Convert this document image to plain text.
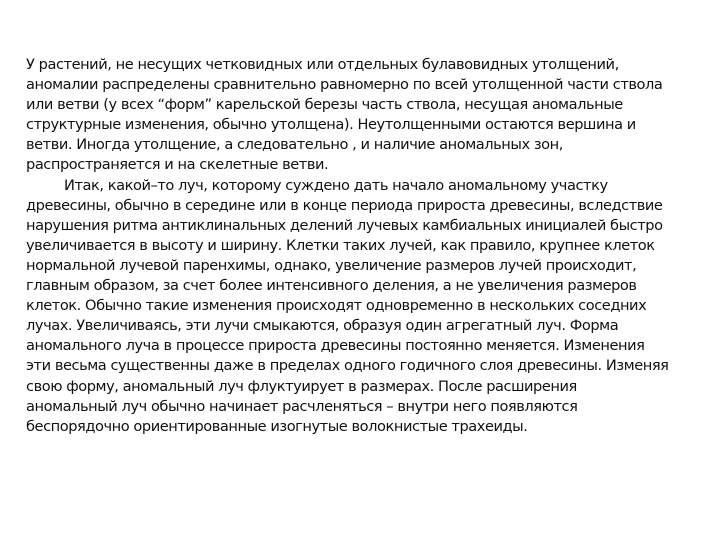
У растений, не несущих четковидных или отдельных булавовидных утолщений,
аномалии распределены сравнительно равномерно по всей утолщенной части ствола
или ветви (у всех “форм” карельской березы часть ствола, несущая аномальные
структурные изменения, обычно утолщена). Неутолщенными остаются вершина и
ветви. Иногда утолщение, а следовательно , и наличие аномальных зон,
распространяется и на скелетные ветви.
Итак, какой–то луч, которому суждено дать начало аномальному участку
древесины, обычно в середине или в конце периода прироста древесины, вследствие
нарушения ритма антиклинальных делений лучевых камбиальных инициалей быстро
увеличивается в высоту и ширину. Клетки таких лучей, как правило, крупнее клеток
нормальной лучевой паренхимы, однако, увеличение размеров лучей происходит,
главным образом, за счет более интенсивного деления, а не увеличения размеров
клеток. Обычно такие изменения происходят одновременно в нескольких соседних
лучах. Увеличиваясь, эти лучи смыкаются, образуя один агрегатный луч. Форма
аномального луча в процессе прироста древесины постоянно меняется. Изменения
эти весьма существенны даже в пределах одного годичного слоя древесины. Изменяя
свою форму, аномальный луч флуктуирует в размерах. После расширения
аномальный луч обычно начинает расчленяться – внутри него появляются
беспорядочно ориентированные изогнутые волокнистые трахеиды.
